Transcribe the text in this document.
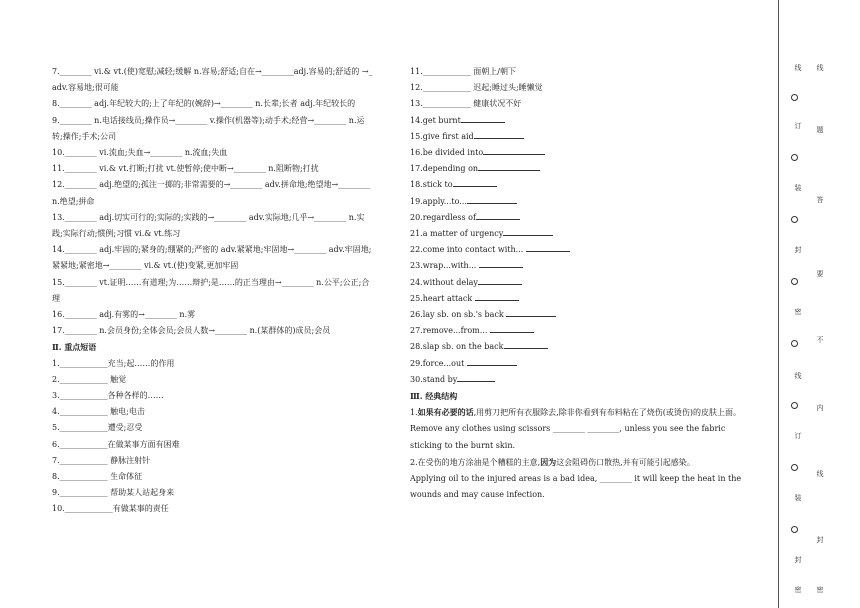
7.________ vi.& vt.(使)宽慰;减轻;缓解 n.容易;舒适;自在→________adj.容易的;舒适的 →_
adv.容易地;很可能
8.________ adj.年纪较大的;上了年纪的(婉辞)→________ n.长辈;长者 adj.年纪较长的
9.________ n.电话接线员;操作员→________ v.操作(机器等);动手术;经营→________ n.运
转;操作;手术;公司
10.________ vi.流血;失血→________ n.流血;失血
11.________ vi.& vt.打断;打扰 vt.使暂停;使中断→________ n.阻断物;打扰
12.________ adj.绝望的;孤注一掷的;非常需要的→________ adv.拼命地;绝望地→________
n.绝望;拼命
13.________ adj.切实可行的;实际的;实践的→________ adv.实际地;几乎→________ n.实
践;实际行动;惯例;习惯 vi.& vt.练习
14.________ adj.牢固的;紧身的;绷紧的;严密的 adv.紧紧地;牢固地→________ adv.牢固地;
紧紧地;紧密地→________ vi.& vt.(使)变紧,更加牢固
15.________ vt.证明……有道理;为……辩护;是……的正当理由→________ n.公平;公正;合
理
16.________ adj.有雾的→________ n.雾
17.________ n.会员身份;全体会员;会员人数→________ n.(某群体的)成员;会员
Ⅱ. 重点短语
1.____________充当;起……的作用
2.____________ 触觉
3.____________各种各样的……
4.____________ 触电;电击
5.____________遭受;忍受
6.____________在做某事方面有困难
7.____________ 静脉注射针
8.____________ 生命体征
9.____________ 帮助某人站起身来
10.____________有做某事的责任
11.____________ 面朝上/朝下
12.____________ 迟起;睡过头;睡懒觉
13.____________ 健康状况不好
14.get burnt
15.give first aid
16.be divided into
17.depending on
18.stick to
19.apply...to...
20.regardless of
21.a matter of urgency
22.come into contact with...
23.wrap...with...
24.without delay
25.heart attack
26.lay sb. on sb.'s back
27.remove...from...
28.slap sb. on the back
29.force...out
30.stand by
Ⅲ. 经典结构
1.如果有必要的话,用剪刀把所有衣服除去,除非你看到有布料粘在了烧伤(或烫伤)的皮肤上面。
Remove any clothes using scissors ________ ________, unless you see the fabric sticking to the burnt skin.
2.在受伤的地方涂油是个糟糕的主意,因为这会阻碍伤口散热,并有可能引起感染。
Applying oil to the injured areas is a bad idea, ________ it will keep the heat in the wounds and may cause infection.
线
订
装
封
密
线
订
装
封
密
线
题
答
要
不
内
线
封
密
